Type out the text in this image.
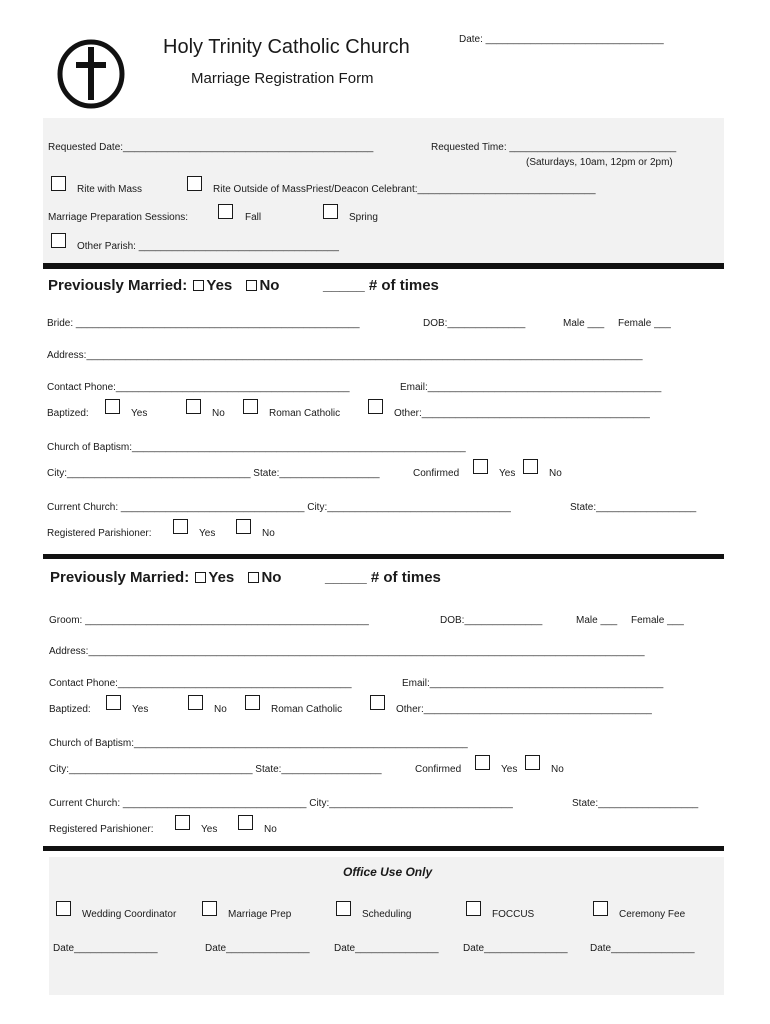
Holy Trinity Catholic Church
Marriage Registration Form
Date: ________________________________
Requested Date:_____________________________________________	Requested Time: ______________________________
(Saturdays, 10am, 12pm or 2pm)
Rite with Mass	Rite Outside of MassPriest/Deacon Celebrant:________________________________
Marriage Preparation Sessions:	Fall	Spring
Other Parish: ____________________________________
Previously Married: Yes No	_____ # of times
Bride: ___________________________________________________	DOB:______________	Male ___ Female ___
Address:____________________________________________________________________________________________________
Contact Phone:__________________________________________	Email:__________________________________________
Baptized:	Yes	No	Roman Catholic	Other:_________________________________________
Church of Baptism:____________________________________________________________
City:_________________________________ State:__________________	Confirmed	Yes	No
Current Church: _________________________________ City:_________________________________	State:__________________
Registered Parishioner:	Yes	No
Previously Married: Yes No	_____ # of times
Groom: ___________________________________________________	DOB:______________	Male ___ Female ___
Address:____________________________________________________________________________________________________
Contact Phone:__________________________________________	Email:__________________________________________
Baptized:	Yes	No	Roman Catholic	Other:_________________________________________
Church of Baptism:____________________________________________________________
City:_________________________________ State:__________________	Confirmed	Yes	No
Current Church: _________________________________ City:_________________________________	State:__________________
Registered Parishioner:	Yes	No
Office Use Only
Wedding Coordinator	Marriage Prep	Scheduling	FOCCUS	Ceremony Fee
Date_______________	Date_______________ Date_______________ Date_______________ Date_______________
